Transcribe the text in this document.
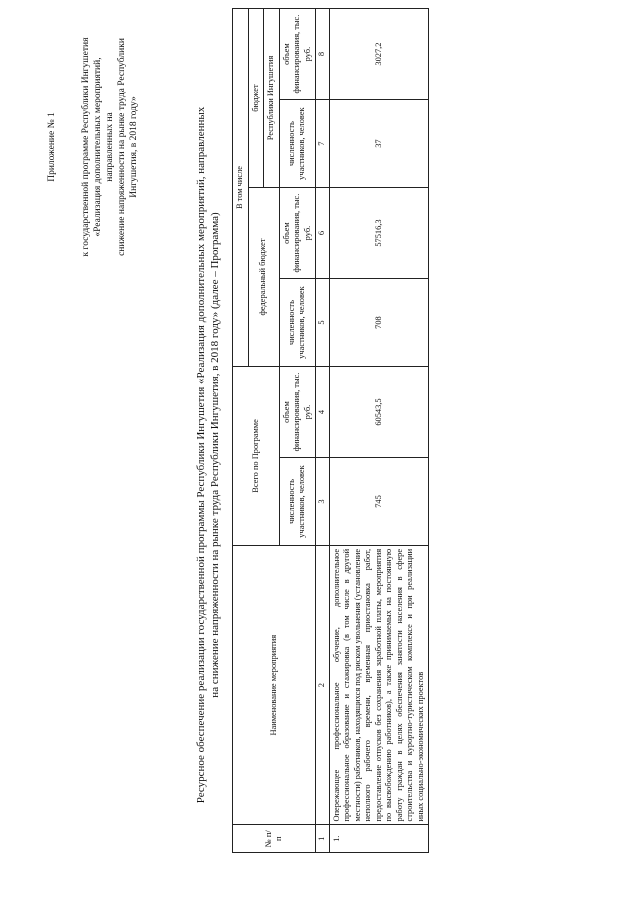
Приложение № 1	к государственной программе Республики Ингушетия «Реализация дополнительных мероприятий, направленных на снижение напряженности на рынке труда Республики Ингушетия, в 2018 году»	Ресурсное обеспечение реализации государственной программы Республики Ингушетия «Реализация дополнительных мероприятий, направленных на снижение напряженности на рынке труда Республики Ингушетия, в 2018 году» (далее – Программа)
№ п/п	Наименование мероприятия	Всего по Программе		В том числе			
				федеральный бюджет		бюджет	
						Республики Ингушетия	
		численность участников, человек	объем финансирования, тыс. руб.	численность участников, человек	объем финансирования, тыс. руб.	численность участников, человек	объем финансирования, тыс. руб.
1	2	3	4	5	6	7	8
1.	Опережающее профессиональное обучение, дополнительное профессиональное образование и стажировка (в том числе в другой местности) работников, находящихся под риском увольнения (установление неполного рабочего времени, временная приостановка работ, предоставление отпусков без сохранения заработной платы, мероприятия по высвобождению работников), а также принимаемых на постоянную работу граждан в целях обеспечения занятости населения в сфере строительства и курортно-туристическом комплексе и при реализации иных социально-экономических проектов	745	60543,5	708	57516,3	37	3027,2
